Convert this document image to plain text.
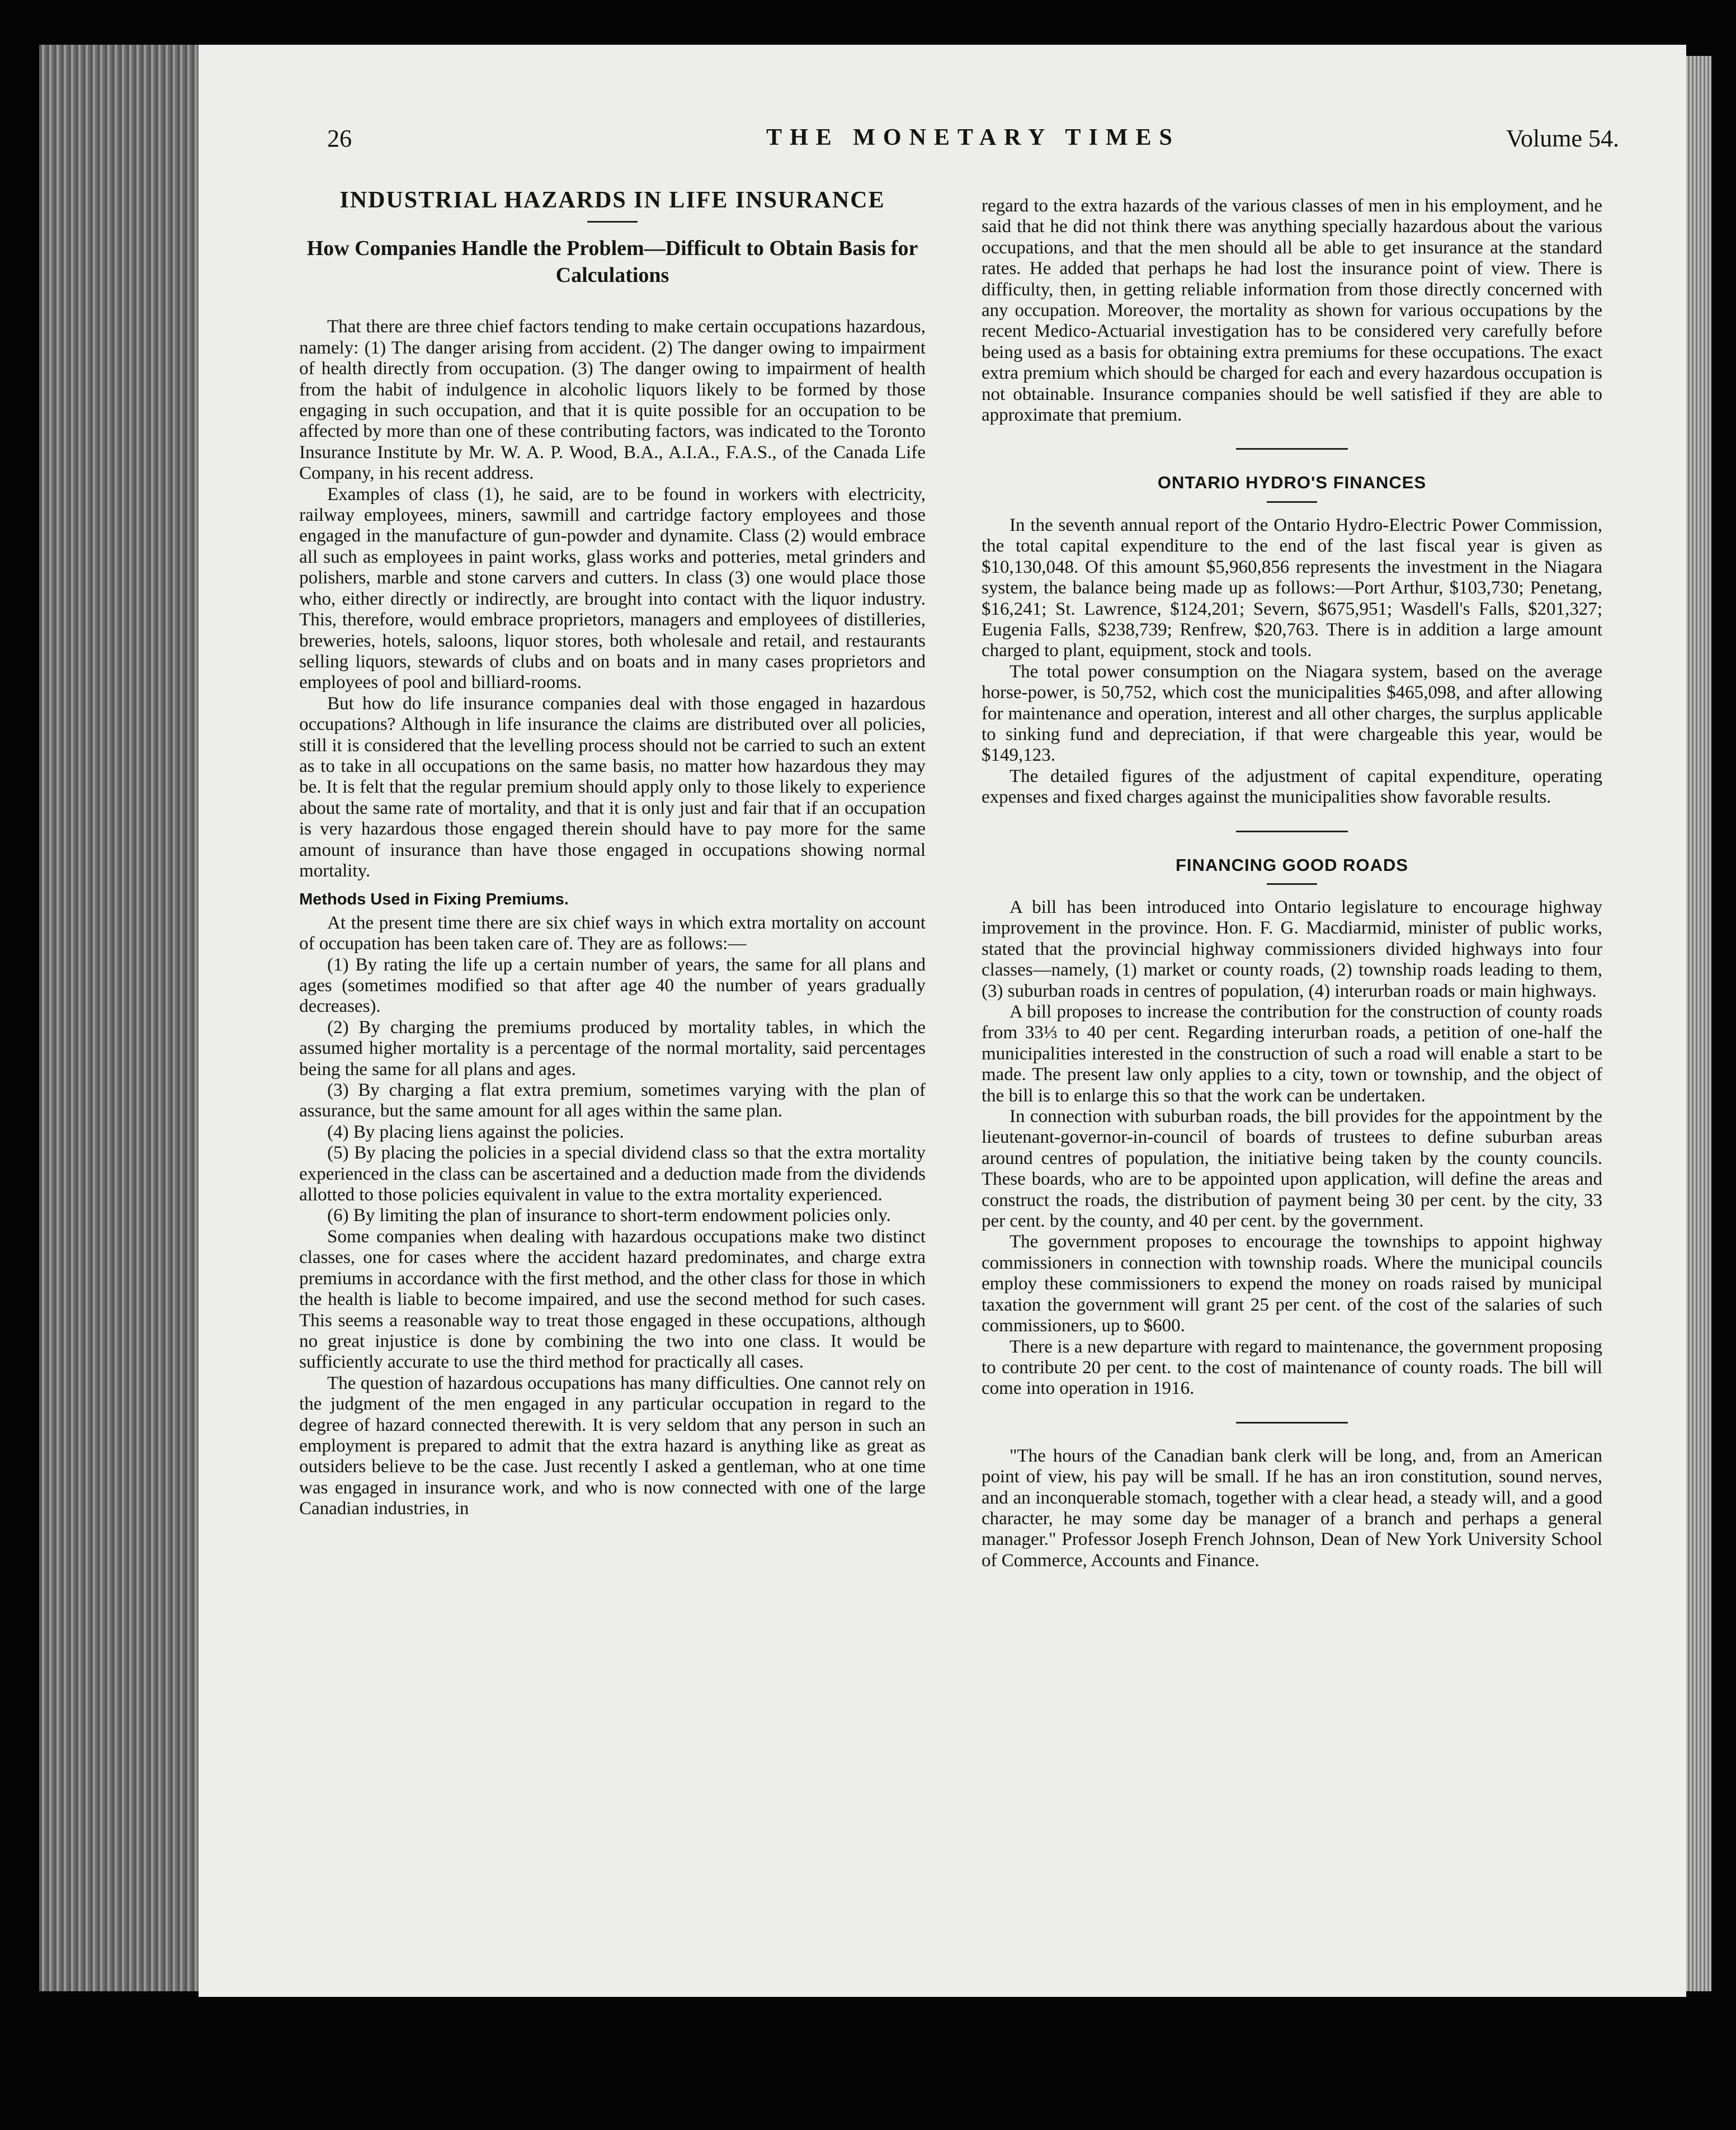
26	THE MONETARY TIMES	Volume 54.
INDUSTRIAL HAZARDS IN LIFE INSURANCE
How Companies Handle the Problem—Difficult to Obtain Basis for Calculations

That there are three chief factors tending to make certain occupations hazardous, namely: (1) The danger arising from accident. (2) The danger owing to impairment of health directly from occupation. (3) The danger owing to impairment of health from the habit of indulgence in alcoholic liquors likely to be formed by those engaging in such occupation, and that it is quite possible for an occupation to be affected by more than one of these contributing factors, was indicated to the Toronto Insurance Institute by Mr. W. A. P. Wood, B.A., A.I.A., F.A.S., of the Canada Life Company, in his recent address.

Examples of class (1), he said, are to be found in workers with electricity, railway employees, miners, sawmill and cartridge factory employees and those engaged in the manufacture of gun-powder and dynamite. Class (2) would embrace all such as employees in paint works, glass works and potteries, metal grinders and polishers, marble and stone carvers and cutters. In class (3) one would place those who, either directly or indirectly, are brought into contact with the liquor industry. This, therefore, would embrace proprietors, managers and employees of distilleries, breweries, hotels, saloons, liquor stores, both wholesale and retail, and restaurants selling liquors, stewards of clubs and on boats and in many cases proprietors and employees of pool and billiard-rooms.

But how do life insurance companies deal with those engaged in hazardous occupations? Although in life insurance the claims are distributed over all policies, still it is considered that the levelling process should not be carried to such an extent as to take in all occupations on the same basis, no matter how hazardous they may be. It is felt that the regular premium should apply only to those likely to experience about the same rate of mortality, and that it is only just and fair that if an occupation is very hazardous those engaged therein should have to pay more for the same amount of insurance than have those engaged in occupations showing normal mortality.

Methods Used in Fixing Premiums.

At the present time there are six chief ways in which extra mortality on account of occupation has been taken care of. They are as follows:—

(1) By rating the life up a certain number of years, the same for all plans and ages (sometimes modified so that after age 40 the number of years gradually decreases).

(2) By charging the premiums produced by mortality tables, in which the assumed higher mortality is a percentage of the normal mortality, said percentages being the same for all plans and ages.

(3) By charging a flat extra premium, sometimes varying with the plan of assurance, but the same amount for all ages within the same plan.

(4) By placing liens against the policies.

(5) By placing the policies in a special dividend class so that the extra mortality experienced in the class can be ascertained and a deduction made from the dividends allotted to those policies equivalent in value to the extra mortality experienced.

(6) By limiting the plan of insurance to short-term endowment policies only.

Some companies when dealing with hazardous occupations make two distinct classes, one for cases where the accident hazard predominates, and charge extra premiums in accordance with the first method, and the other class for those in which the health is liable to become impaired, and use the second method for such cases. This seems a reasonable way to treat those engaged in these occupations, although no great injustice is done by combining the two into one class. It would be sufficiently accurate to use the third method for practically all cases.

The question of hazardous occupations has many difficulties. One cannot rely on the judgment of the men engaged in any particular occupation in regard to the degree of hazard connected therewith. It is very seldom that any person in such an employment is prepared to admit that the extra hazard is anything like as great as outsiders believe to be the case. Just recently I asked a gentleman, who at one time was engaged in insurance work, and who is now connected with one of the large Canadian industries, in

regard to the extra hazards of the various classes of men in his employment, and he said that he did not think there was anything specially hazardous about the various occupations, and that the men should all be able to get insurance at the standard rates. He added that perhaps he had lost the insurance point of view. There is difficulty, then, in getting reliable information from those directly concerned with any occupation. Moreover, the mortality as shown for various occupations by the recent Medico-Actuarial investigation has to be considered very carefully before being used as a basis for obtaining extra premiums for these occupations. The exact extra premium which should be charged for each and every hazardous occupation is not obtainable. Insurance companies should be well satisfied if they are able to approximate that premium.

ONTARIO HYDRO'S FINANCES

In the seventh annual report of the Ontario Hydro-Electric Power Commission, the total capital expenditure to the end of the last fiscal year is given as $10,130,048. Of this amount $5,960,856 represents the investment in the Niagara system, the balance being made up as follows:—Port Arthur, $103,730; Penetang, $16,241; St. Lawrence, $124,201; Severn, $675,951; Wasdell's Falls, $201,327; Eugenia Falls, $238,739; Renfrew, $20,763. There is in addition a large amount charged to plant, equipment, stock and tools.

The total power consumption on the Niagara system, based on the average horse-power, is 50,752, which cost the municipalities $465,098, and after allowing for maintenance and operation, interest and all other charges, the surplus applicable to sinking fund and depreciation, if that were chargeable this year, would be $149,123.

The detailed figures of the adjustment of capital expenditure, operating expenses and fixed charges against the municipalities show favorable results.

FINANCING GOOD ROADS

A bill has been introduced into Ontario legislature to encourage highway improvement in the province. Hon. F. G. Macdiarmid, minister of public works, stated that the provincial highway commissioners divided highways into four classes—namely, (1) market or county roads, (2) township roads leading to them, (3) suburban roads in centres of population, (4) interurban roads or main highways.

A bill proposes to increase the contribution for the construction of county roads from 33⅓ to 40 per cent. Regarding interurban roads, a petition of one-half the municipalities interested in the construction of such a road will enable a start to be made. The present law only applies to a city, town or township, and the object of the bill is to enlarge this so that the work can be undertaken.

In connection with suburban roads, the bill provides for the appointment by the lieutenant-governor-in-council of boards of trustees to define suburban areas around centres of population, the initiative being taken by the county councils. These boards, who are to be appointed upon application, will define the areas and construct the roads, the distribution of payment being 30 per cent. by the city, 33 per cent. by the county, and 40 per cent. by the government.

The government proposes to encourage the townships to appoint highway commissioners in connection with township roads. Where the municipal councils employ these commissioners to expend the money on roads raised by municipal taxation the government will grant 25 per cent. of the cost of the salaries of such commissioners, up to $600.

There is a new departure with regard to maintenance, the government proposing to contribute 20 per cent. to the cost of maintenance of county roads. The bill will come into operation in 1916.

"The hours of the Canadian bank clerk will be long, and, from an American point of view, his pay will be small. If he has an iron constitution, sound nerves, and an inconquerable stomach, together with a clear head, a steady will, and a good character, he may some day be manager of a branch and perhaps a general manager." Professor Joseph French Johnson, Dean of New York University School of Commerce, Accounts and Finance.
